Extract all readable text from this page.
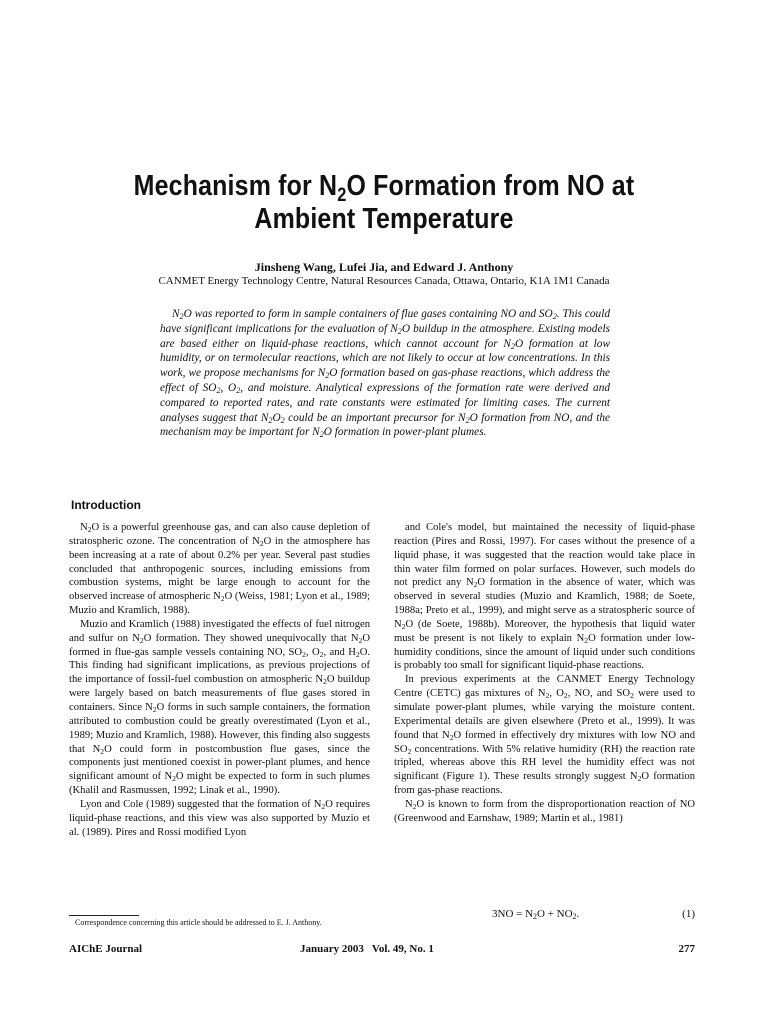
Mechanism for $N_2O$ Formation from NO at
Ambient Temperature
Jinsheng Wang, Lufei Jia, and Edward J. Anthony
CANMET Energy Technology Centre, Natural Resources Canada, Ottawa, Ontario, K1A 1M1 Canada

$N_2O$ was reported to form in sample containers of flue gases containing NO and $SO_2$. This could have significant implications for the evaluation of $N_2O$ buildup in the atmosphere. Existing models are based either on liquid-phase reactions, which cannot account for $N_2O$ formation at low humidity, or on termolecular reactions, which are not likely to occur at low concentrations. In this work, we propose mechanisms for $N_2O$ formation based on gas-phase reactions, which address the effect of $SO_2$, $O_2$, and moisture. Analytical expressions of the formation rate were derived and compared to reported rates, and rate constants were estimated for limiting cases. The current analyses suggest that $N_2O_2$ could be an important precursor for $N_2O$ formation from NO, and the mechanism may be important for $N_2O$ formation in power-plant plumes.

Introduction

$N_2O$ is a powerful greenhouse gas, and can also cause depletion of stratospheric ozone. The concentration of $N_2O$ in the atmosphere has been increasing at a rate of about 0.2% per year. Several past studies concluded that anthropogenic sources, including emissions from combustion systems, might be large enough to account for the observed increase of atmospheric $N_2O$ (Weiss, 1981; Lyon et al., 1989; Muzio and Kramlich, 1988).

Muzio and Kramlich (1988) investigated the effects of fuel nitrogen and sulfur on $N_2O$ formation. They showed unequivocally that $N_2O$ formed in flue-gas sample vessels containing NO, $SO_2$, $O_2$, and $H_2O$. This finding had significant implications, as previous projections of the importance of fossil-fuel combustion on atmospheric $N_2O$ buildup were largely based on batch measurements of flue gases stored in containers. Since $N_2O$ forms in such sample containers, the formation attributed to combustion could be greatly overestimated (Lyon et al., 1989; Muzio and Kramlich, 1988). However, this finding also suggests that $N_2O$ could form in postcombustion flue gases, since the components just mentioned coexist in power-plant plumes, and hence significant amount of $N_2O$ might be expected to form in such plumes (Khalil and Rasmussen, 1992; Linak et al., 1990).

Lyon and Cole (1989) suggested that the formation of $N_2O$ requires liquid-phase reactions, and this view was also supported by Muzio et al. (1989). Pires and Rossi modified Lyon

and Cole's model, but maintained the necessity of liquid-phase reaction (Pires and Rossi, 1997). For cases without the presence of a liquid phase, it was suggested that the reaction would take place in thin water film formed on polar surfaces. However, such models do not predict any $N_2O$ formation in the absence of water, which was observed in several studies (Muzio and Kramlich, 1988; de Soete, 1988a; Preto et al., 1999), and might serve as a stratospheric source of $N_2O$ (de Soete, 1988b). Moreover, the hypothesis that liquid water must be present is not likely to explain $N_2O$ formation under low-humidity conditions, since the amount of liquid under such conditions is probably too small for significant liquid-phase reactions.

In previous experiments at the CANMET Energy Technology Centre (CETC) gas mixtures of $N_2$, $O_2$, NO, and $SO_2$ were used to simulate power-plant plumes, while varying the moisture content. Experimental details are given elsewhere (Preto et al., 1999). It was found that $N_2O$ formed in effectively dry mixtures with low NO and $SO_2$ concentrations. With 5% relative humidity (RH) the reaction rate tripled, whereas above this RH level the humidity effect was not significant (Figure 1). These results strongly suggest $N_2O$ formation from gas-phase reactions.

$N_2O$ is known to form from the disproportionation reaction of NO (Greenwood and Earnshaw, 1989; Martin et al., 1981)

$3NO = N_2O + NO_2$.	(1)
Correspondence concerning this article should be addressed to E. J. Anthony.
AIChE Journal	January 2003   Vol. 49, No. 1	277
